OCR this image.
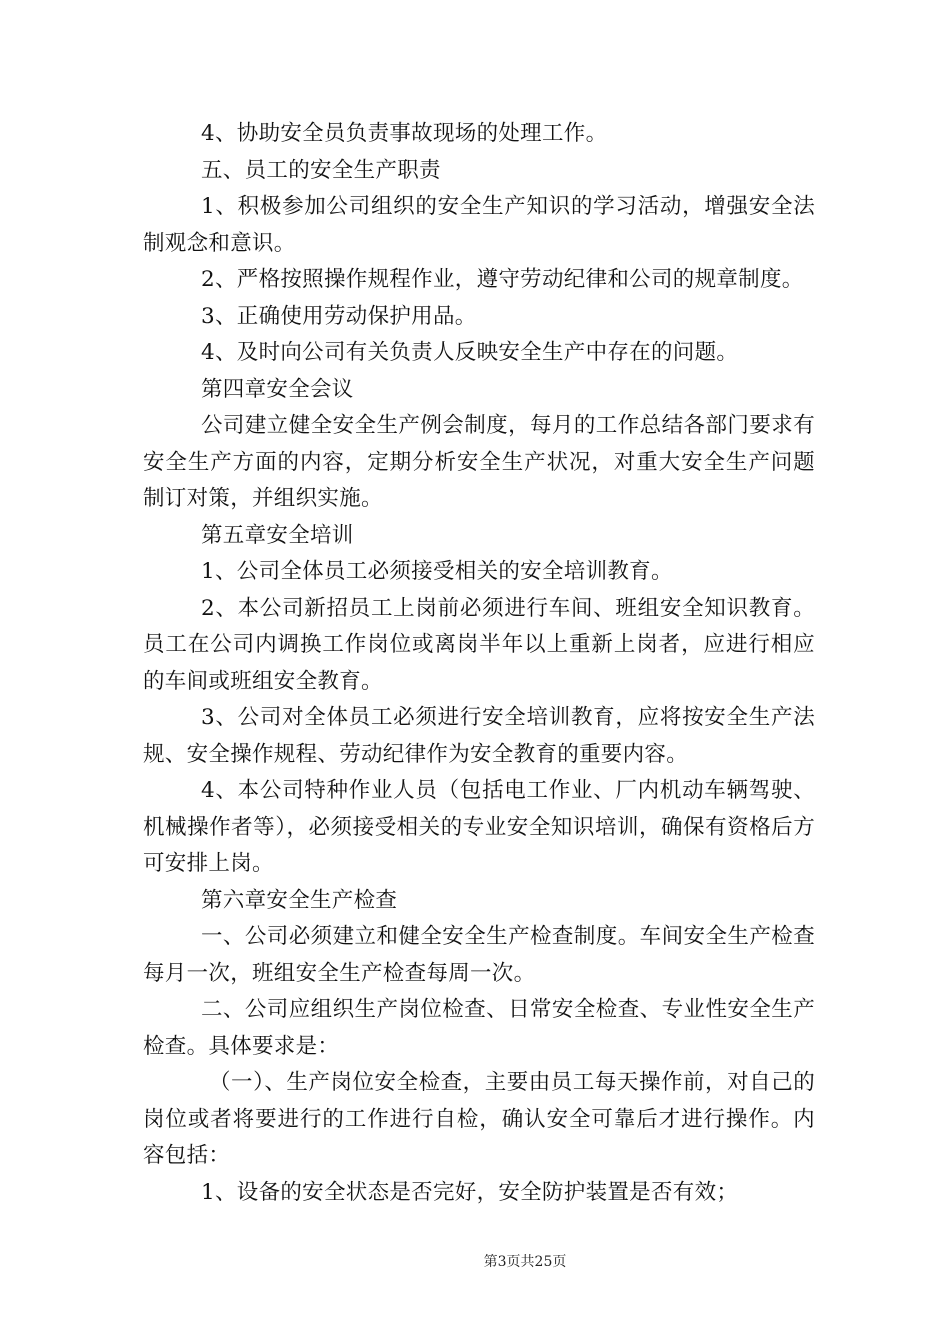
4、协助安全员负责事故现场的处理工作。

五、员工的安全生产职责

1、积极参加公司组织的安全生产知识的学习活动，增强安全法制观念和意识。

2、严格按照操作规程作业，遵守劳动纪律和公司的规章制度。

3、正确使用劳动保护用品。

4、及时向公司有关负责人反映安全生产中存在的问题。

第四章安全会议

公司建立健全安全生产例会制度，每月的工作总结各部门要求有安全生产方面的内容，定期分析安全生产状况，对重大安全生产问题制订对策，并组织实施。

第五章安全培训

1、公司全体员工必须接受相关的安全培训教育。

2、本公司新招员工上岗前必须进行车间、班组安全知识教育。员工在公司内调换工作岗位或离岗半年以上重新上岗者，应进行相应的车间或班组安全教育。

3、公司对全体员工必须进行安全培训教育，应将按安全生产法规、安全操作规程、劳动纪律作为安全教育的重要内容。

4、本公司特种作业人员（包括电工作业、厂内机动车辆驾驶、机械操作者等），必须接受相关的专业安全知识培训，确保有资格后方可安排上岗。

第六章安全生产检查

一、公司必须建立和健全安全生产检查制度。车间安全生产检查每月一次，班组安全生产检查每周一次。

二、公司应组织生产岗位检查、日常安全检查、专业性安全生产检查。具体要求是：

（一）、生产岗位安全检查，主要由员工每天操作前，对自己的岗位或者将要进行的工作进行自检，确认安全可靠后才进行操作。内容包括：

1、设备的安全状态是否完好，安全防护装置是否有效；

第3页共25页
